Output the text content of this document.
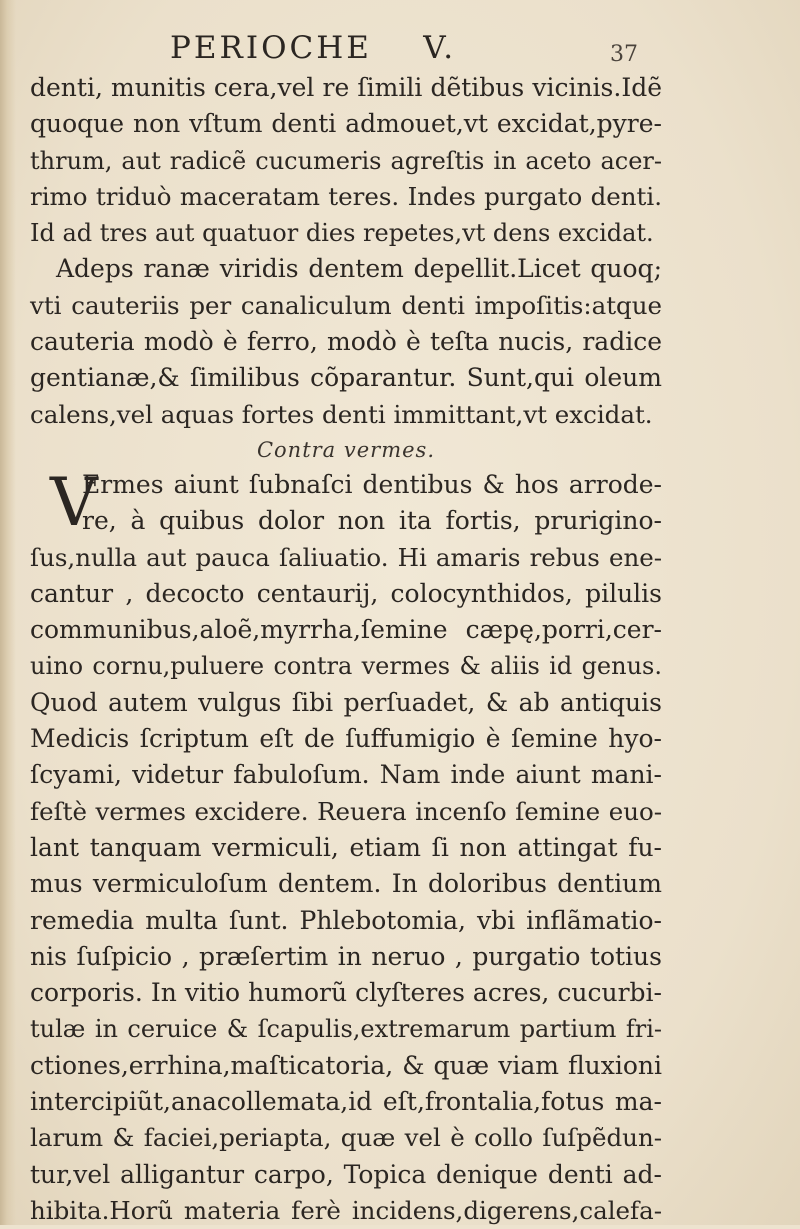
PERIOCHE    V.	37
denti, munitis cera,vel re ſimili dẽtibus vicinis.Idẽ
quoque non vſtum denti admouet,vt excidat,pyre-
thrum, aut radicẽ cucumeris agreſtis in aceto acer-
rimo triduò maceratam teres. Indes purgato denti.
Id ad tres aut quatuor dies repetes,vt dens excidat.
Adeps ranæ viridis dentem depellit.Licet quoq;
vti cauteriis per canaliculum denti impoſitis:atque
cauteria modò è ferro, modò è teſta nucis, radice
gentianæ,& ſimilibus cõparantur. Sunt,qui oleum
calens,vel aquas fortes denti immittant,vt excidat.
Contra vermes.
V
Ermes aiunt ſubnaſci dentibus & hos arrode-
re, à quibus dolor non ita fortis, prurigino-
ſus,nulla aut pauca ſaliuatio. Hi amaris rebus ene-
cantur , decocto centaurij, colocynthidos, pilulis
communibus,aloẽ,myrrha,ſemine cæpę,porri,cer-
uino cornu,puluere contra vermes & aliis id genus.
Quod autem vulgus ſibi perſuadet, & ab antiquis
Medicis ſcriptum eſt de ſuffumigio è ſemine hyo-
ſcyami, videtur fabuloſum. Nam inde aiunt mani-
feſtè vermes excidere. Reuera incenſo ſemine euo-
lant tanquam vermiculi, etiam ſi non attingat fu-
mus vermiculoſum dentem. In doloribus dentium
remedia multa ſunt. Phlebotomia, vbi inflãmatio-
nis ſuſpicio , præſertim in neruo , purgatio totius
corporis. In vitio humorũ clyſteres acres, cucurbi-
tulæ in ceruice & ſcapulis,extremarum partium fri-
ctiones,errhina,maſticatoria, & quæ viam fluxioni
intercipiũt,anacollemata,id eſt,frontalia,fotus ma-
larum & faciei,periapta, quæ vel è collo ſuſpẽdun-
tur,vel alligantur carpo, Topica denique denti ad-
hibita.Horũ materia ferè incidens,digerens,calefa-
